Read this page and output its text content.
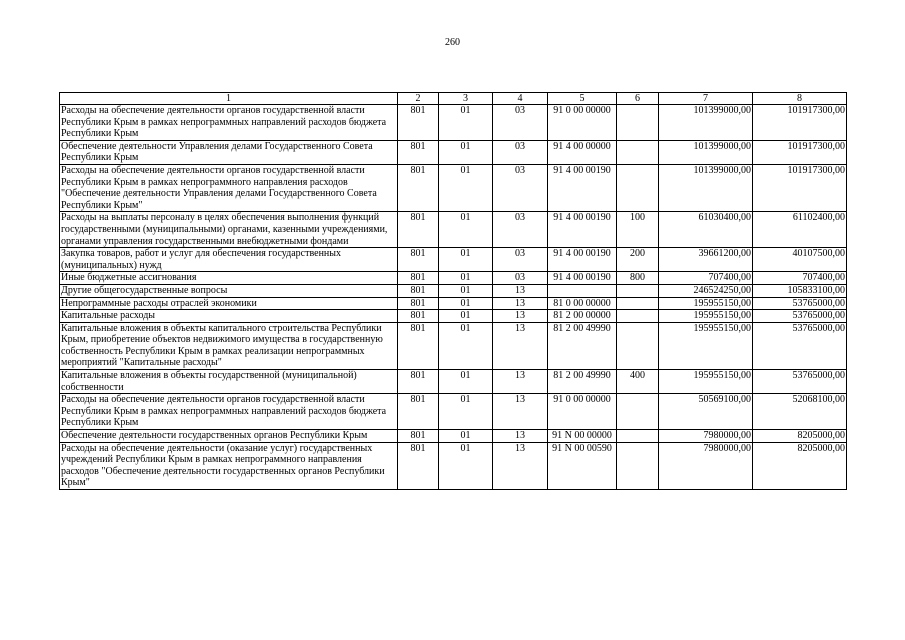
260
1	2	3	4	5	6	7	8
Расходы на обеспечение деятельности органов государственной власти Республики Крым в рамках непрограммных направлений расходов бюджета Республики Крым	801	01	03	91 0 00 00000		101399000,00	101917300,00
Обеспечение деятельности Управления делами Государственного Совета Республики Крым	801	01	03	91 4 00 00000		101399000,00	101917300,00
Расходы на обеспечение деятельности органов государственной власти Республики Крым в рамках непрограммного направления расходов "Обеспечение деятельности Управления делами Государственного Совета Республики Крым"	801	01	03	91 4 00 00190		101399000,00	101917300,00
Расходы на выплаты персоналу в целях обеспечения выполнения функций государственными (муниципальными) органами, казенными учреждениями, органами управления государственными внебюджетными фондами	801	01	03	91 4 00 00190	100	61030400,00	61102400,00
Закупка товаров, работ и услуг для обеспечения государственных (муниципальных) нужд	801	01	03	91 4 00 00190	200	39661200,00	40107500,00
Иные бюджетные ассигнования	801	01	03	91 4 00 00190	800	707400,00	707400,00
Другие общегосударственные вопросы	801	01	13			246524250,00	105833100,00
Непрограммные расходы отраслей экономики	801	01	13	81 0 00 00000		195955150,00	53765000,00
Капитальные расходы	801	01	13	81 2 00 00000		195955150,00	53765000,00
Капитальные вложения в объекты капитального строительства Республики Крым, приобретение объектов недвижимого имущества в государственную собственность Республики Крым в рамках реализации непрограммных мероприятий "Капитальные расходы"	801	01	13	81 2 00 49990		195955150,00	53765000,00
Капитальные вложения в объекты государственной (муниципальной) собственности	801	01	13	81 2 00 49990	400	195955150,00	53765000,00
Расходы на обеспечение деятельности органов государственной власти Республики Крым в рамках непрограммных направлений расходов бюджета Республики Крым	801	01	13	91 0 00 00000		50569100,00	52068100,00
Обеспечение деятельности государственных органов Республики Крым	801	01	13	91 N 00 00000		7980000,00	8205000,00
Расходы на обеспечение деятельности (оказание услуг) государственных учреждений Республики Крым в рамках непрограммного направления расходов "Обеспечение деятельности государственных органов Республики Крым"	801	01	13	91 N 00 00590		7980000,00	8205000,00
